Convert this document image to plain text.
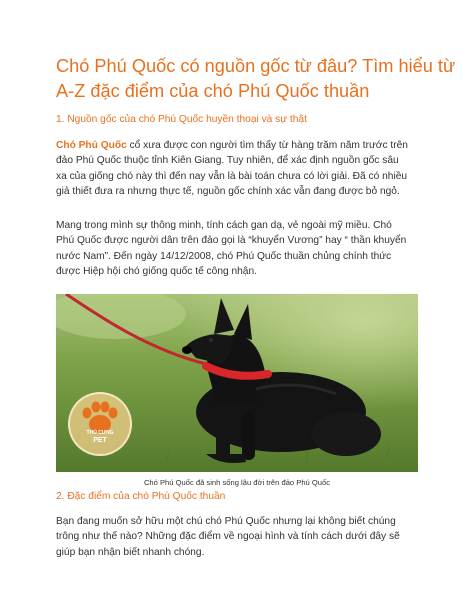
Chó Phú Quốc có nguồn gốc từ đâu? Tìm hiểu từ
A-Z đặc điểm của chó Phú Quốc thuần
1. Nguồn gốc của chó Phú Quốc huyền thoại và sự thật
Chó Phú Quốc cổ xưa được con người tìm thấy từ hàng trăm năm trước trên
đảo Phú Quốc thuộc tỉnh Kiên Giang. Tuy nhiên, để xác định nguồn gốc sâu
xa của giống chó này thì đến nay vẫn là bài toán chưa có lời giải. Đã có nhiều
giả thiết đưa ra nhưng thực tế, nguồn gốc chính xác vẫn đang được bỏ ngỏ.
Mang trong mình sự thông minh, tính cách gan dạ, vẻ ngoài mỹ miều. Chó
Phú Quốc được người dân trên đảo gọi là “khuyển Vương” hay “ thần khuyển
nước Nam”. Đến ngày 14/12/2008, chó Phú Quốc thuần chủng chính thức
được Hiệp hội chó giống quốc tế công nhận.
THÚ CƯNG
PET
Chó Phú Quốc đã sinh sống lâu đời trên đảo Phú Quốc
2. Đặc điểm của chó Phú Quốc thuần
Bạn đang muốn sở hữu một chú chó Phú Quốc nhưng lại không biết chúng
trông như thế nào? Những đặc điểm về ngoại hình và tính cách dưới đây sẽ
giúp bạn nhận biết nhanh chóng.
